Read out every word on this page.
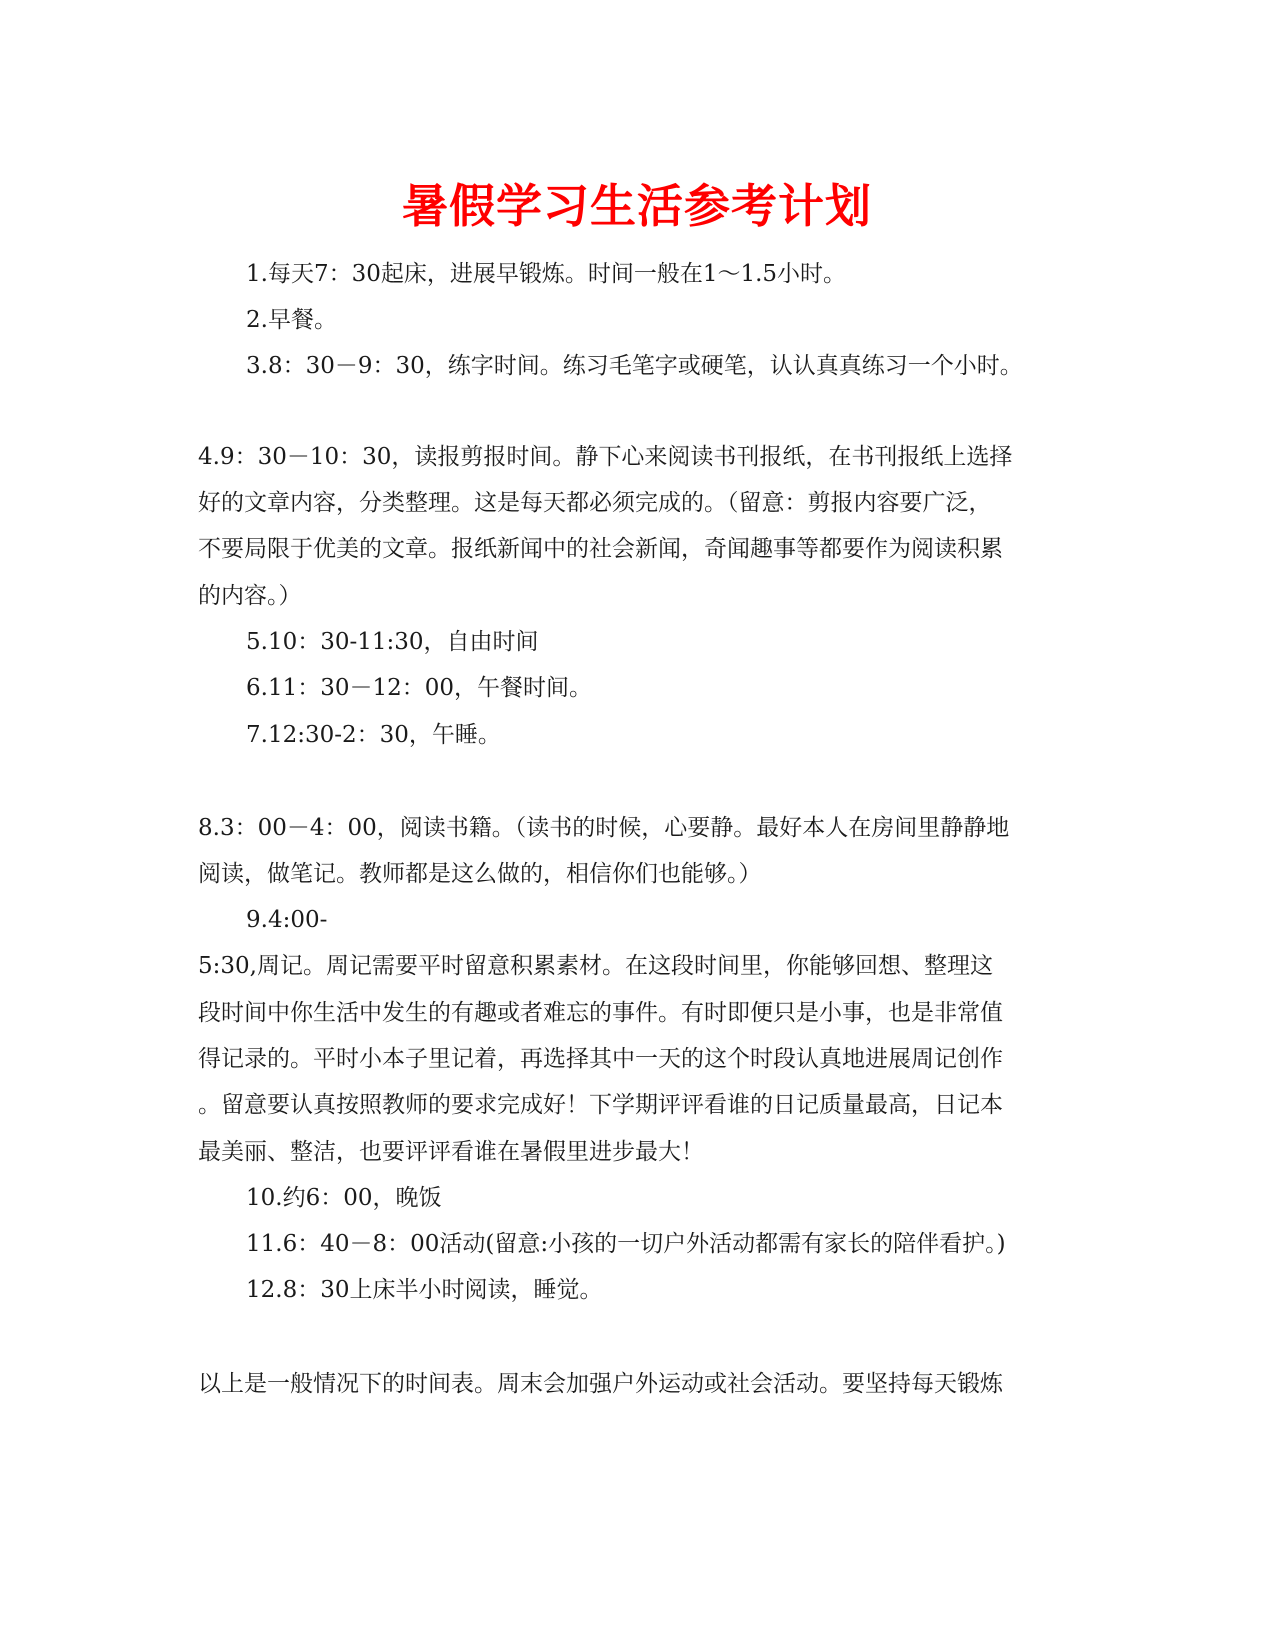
暑假学习生活参考计划

1.每天7：30起床，进展早锻炼。时间一般在1～1.5小时。

2.早餐。

3.8：30－9：30，练字时间。练习毛笔字或硬笔，认认真真练习一个小时。

4.9：30－10：30，读报剪报时间。静下心来阅读书刊报纸，在书刊报纸上选择

好的文章内容，分类整理。这是每天都必须完成的。（留意：剪报内容要广泛，

不要局限于优美的文章。报纸新闻中的社会新闻，奇闻趣事等都要作为阅读积累

的内容。）

5.10：30-11:30，自由时间

6.11：30－12：00，午餐时间。

7.12:30-2：30，午睡。

8.3：00－4：00，阅读书籍。（读书的时候，心要静。最好本人在房间里静静地

阅读，做笔记。教师都是这么做的，相信你们也能够。）

9.4:00-

5:30,周记。周记需要平时留意积累素材。在这段时间里，你能够回想、整理这

段时间中你生活中发生的有趣或者难忘的事件。有时即便只是小事，也是非常值

得记录的。平时小本子里记着，再选择其中一天的这个时段认真地进展周记创作

。留意要认真按照教师的要求完成好！下学期评评看谁的日记质量最高，日记本

最美丽、整洁，也要评评看谁在暑假里进步最大！

10.约6：00，晚饭

11.6：40－8：00活动(留意:小孩的一切户外活动都需有家长的陪伴看护。)

12.8：30上床半小时阅读，睡觉。

以上是一般情况下的时间表。周末会加强户外运动或社会活动。要坚持每天锻炼
